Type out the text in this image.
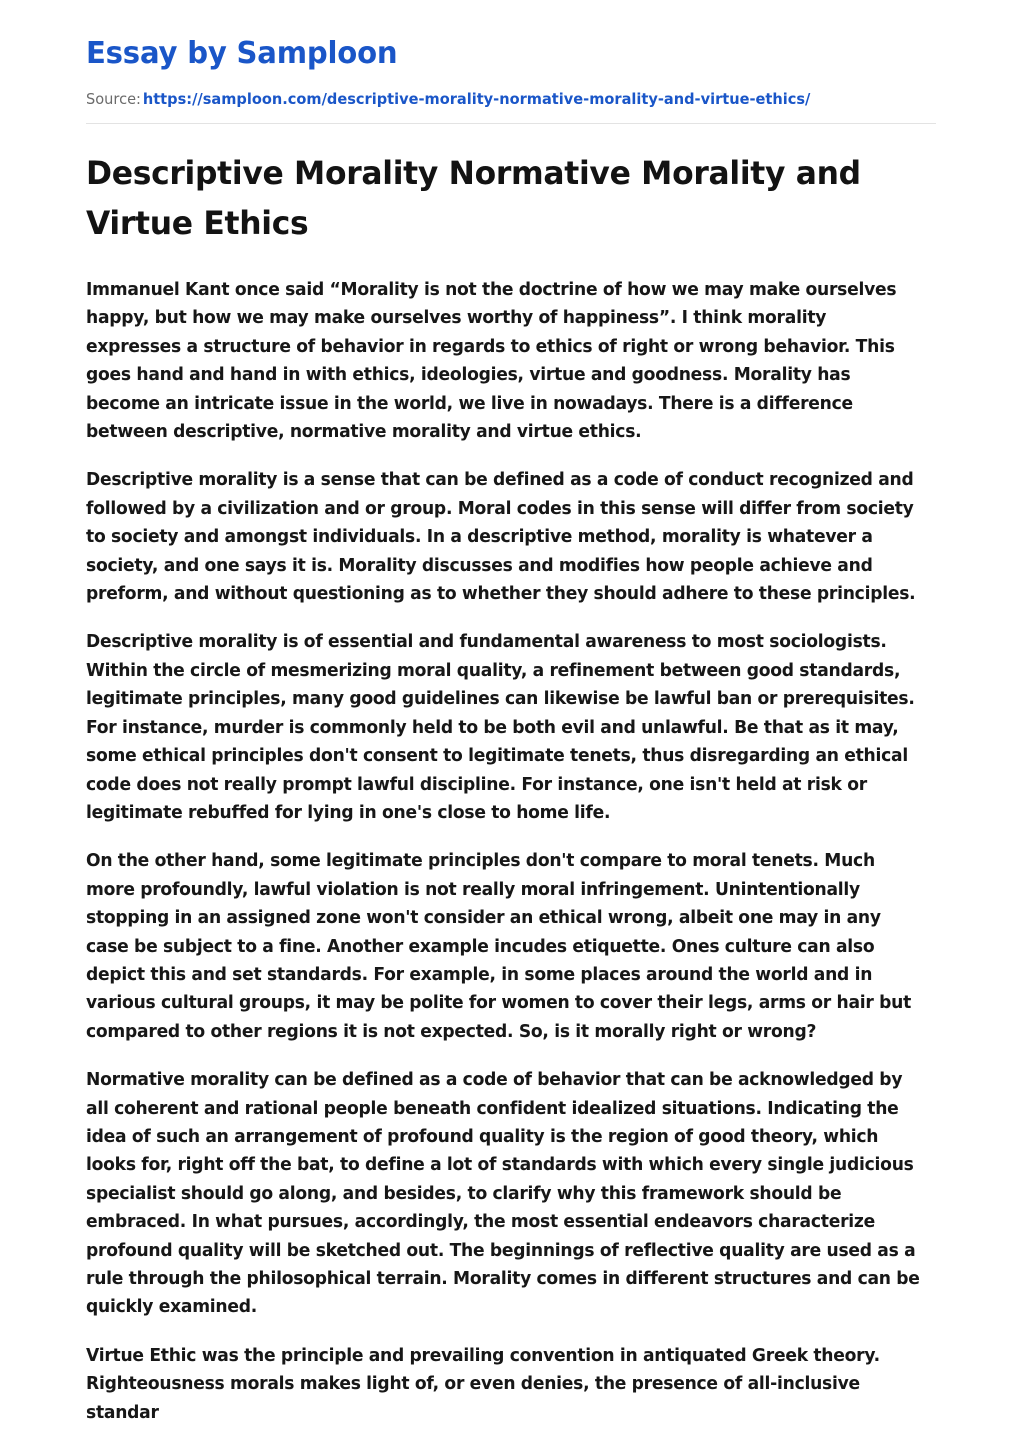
Essay by Samploon
Source: https://samploon.com/descriptive-morality-normative-morality-and-virtue-ethics/
Descriptive Morality Normative Morality and Virtue Ethics

Immanuel Kant once said “Morality is not the doctrine of how we may make ourselves happy, but how we may make ourselves worthy of happiness”. I think morality expresses a structure of behavior in regards to ethics of right or wrong behavior. This goes hand and hand in with ethics, ideologies, virtue and goodness. Morality has become an intricate issue in the world, we live in nowadays. There is a difference between descriptive, normative morality and virtue ethics.

Descriptive morality is a sense that can be defined as a code of conduct recognized and followed by a civilization and or group. Moral codes in this sense will differ from society to society and amongst individuals. In a descriptive method, morality is whatever a society, and one says it is. Morality discusses and modifies how people achieve and preform, and without questioning as to whether they should adhere to these principles.

Descriptive morality is of essential and fundamental awareness to most sociologists. Within the circle of mesmerizing moral quality, a refinement between good standards, legitimate principles, many good guidelines can likewise be lawful ban or prerequisites. For instance, murder is commonly held to be both evil and unlawful. Be that as it may, some ethical principles don't consent to legitimate tenets, thus disregarding an ethical code does not really prompt lawful discipline. For instance, one isn't held at risk or legitimate rebuffed for lying in one's close to home life.

On the other hand, some legitimate principles don't compare to moral tenets. Much more profoundly, lawful violation is not really moral infringement. Unintentionally stopping in an assigned zone won't consider an ethical wrong, albeit one may in any case be subject to a fine. Another example incudes etiquette. Ones culture can also depict this and set standards. For example, in some places around the world and in various cultural groups, it may be polite for women to cover their legs, arms or hair but compared to other regions it is not expected. So, is it morally right or wrong?

Normative morality can be defined as a code of behavior that can be acknowledged by all coherent and rational people beneath confident idealized situations. Indicating the idea of such an arrangement of profound quality is the region of good theory, which looks for, right off the bat, to define a lot of standards with which every single judicious specialist should go along, and besides, to clarify why this framework should be embraced. In what pursues, accordingly, the most essential endeavors characterize profound quality will be sketched out. The beginnings of reflective quality are used as a rule through the philosophical terrain. Morality comes in different structures and can be quickly examined.

Virtue Ethic was the principle and prevailing convention in antiquated Greek theory. Righteousness morals makes light of, or even denies, the presence of all-inclusive standar
